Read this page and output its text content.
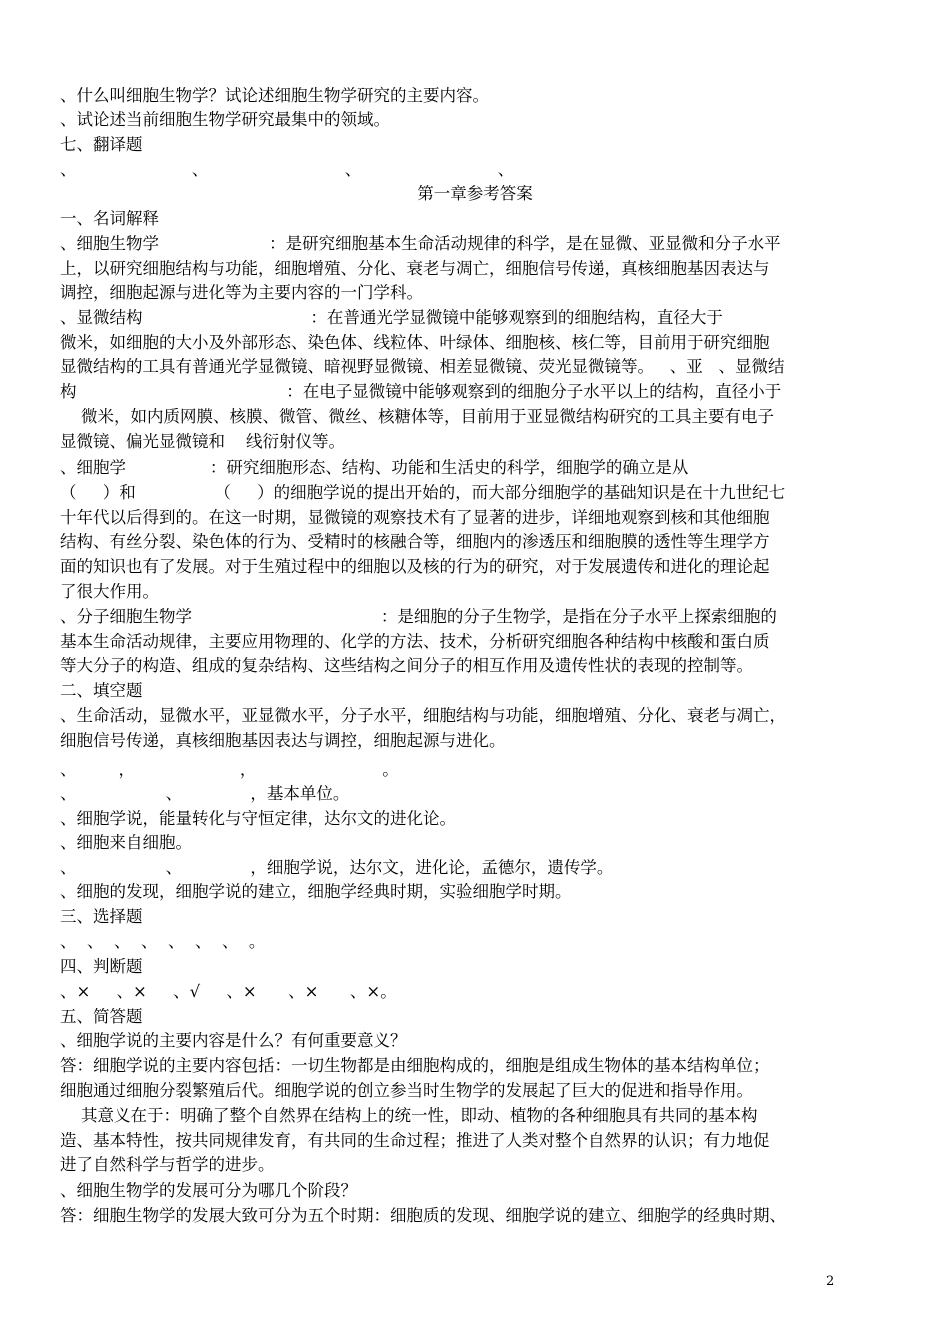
、什么叫细胞生物学？试论述细胞生物学研究的主要内容。
、试论述当前细胞生物学研究最集中的领域。
七、翻译题
、                      、                          、                          、
第一章参考答案
一、名词解释
、细胞生物学                     ：是研究细胞基本生命活动规律的科学，是在显微、亚显微和分子水平
上，以研究细胞结构与功能，细胞增殖、分化、衰老与凋亡，细胞信号传递，真核细胞基因表达与
调控，细胞起源与进化等为主要内容的一门学科。
、显微结构                                ：在普通光学显微镜中能够观察到的细胞结构，直径大于
微米，如细胞的大小及外部形态、染色体、线粒体、叶绿体、细胞核、核仁等，目前用于研究细胞
显微结构的工具有普通光学显微镜、暗视野显微镜、相差显微镜、荧光显微镜等。   、亚   、显微结
构                                        ：在电子显微镜中能够观察到的细胞分子水平以上的结构，直径小于
微米，如内质网膜、核膜、微管、微丝、核糖体等，目前用于亚显微结构研究的工具主要有电子
显微镜、偏光显微镜和    线衍射仪等。
、细胞学                ：研究细胞形态、结构、功能和生活史的科学，细胞学的确立是从
（     ）和               （     ）的细胞学说的提出开始的，而大部分细胞学的基础知识是在十九世纪七
十年代以后得到的。在这一时期，显微镜的观察技术有了显著的进步，详细地观察到核和其他细胞
结构、有丝分裂、染色体的行为、受精时的核融合等，细胞内的渗透压和细胞膜的透性等生理学方
面的知识也有了发展。对于生殖过程中的细胞以及核的行为的研究，对于发展遗传和进化的理论起
了很大作用。
、分子细胞生物学                                    ：是细胞的分子生物学，是指在分子水平上探索细胞的
基本生命活动规律，主要应用物理的、化学的方法、技术，分析研究细胞各种结构中核酸和蛋白质
等大分子的构造、组成的复杂结构、这些结构之间分子的相互作用及遗传性状的表现的控制等。
二、填空题
、生命活动，显微水平，亚显微水平，分子水平，细胞结构与功能，细胞增殖、分化、衰老与凋亡，
细胞信号传递，真核细胞基因表达与调控，细胞起源与进化。
、        ，                    ，                        。
、                 、             ，基本单位。
、细胞学说，能量转化与守恒定律，达尔文的进化论。
、细胞来自细胞。
、                 、             ，细胞学说，达尔文，进化论，孟德尔，遗传学。
、细胞的发现，细胞学说的建立，细胞学经典时期，实验细胞学时期。
三、选择题
、  、  、  、  、  、  、  。
四、判断题
、×     、×     、√     、×      、×      、×。
五、简答题
、细胞学说的主要内容是什么？有何重要意义？
答：细胞学说的主要内容包括：一切生物都是由细胞构成的，细胞是组成生物体的基本结构单位；
细胞通过细胞分裂繁殖后代。细胞学说的创立参当时生物学的发展起了巨大的促进和指导作用。
其意义在于：明确了整个自然界在结构上的统一性，即动、植物的各种细胞具有共同的基本构
造、基本特性，按共同规律发育，有共同的生命过程；推进了人类对整个自然界的认识；有力地促
进了自然科学与哲学的进步。
、细胞生物学的发展可分为哪几个阶段？
答：细胞生物学的发展大致可分为五个时期：细胞质的发现、细胞学说的建立、细胞学的经典时期、
2
